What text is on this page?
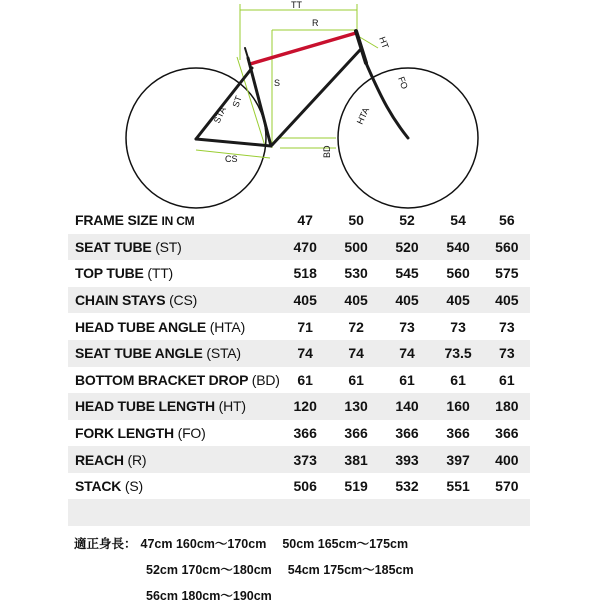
TT
R
HT
S
STA
ST
FO
HTA
BD
CS
FRAME SIZE IN CM	47	50	52	54	56
SEAT TUBE (ST)	470	500	520	540	560
TOP TUBE (TT)	518	530	545	560	575
CHAIN STAYS (CS)	405	405	405	405	405
HEAD TUBE ANGLE (HTA)	71	72	73	73	73
SEAT TUBE ANGLE (STA)	74	74	74	73.5	73
BOTTOM BRACKET DROP (BD)	61	61	61	61	61
HEAD TUBE LENGTH (HT)	120	130	140	160	180
FORK LENGTH (FO)	366	366	366	366	366
REACH (R)	373	381	393	397	400
STACK (S)	506	519	532	551	570
適正身長： 47cm 160cm〜170cm 50cm 165cm〜175cm
52cm 170cm〜180cm 54cm 175cm〜185cm
56cm 180cm〜190cm
